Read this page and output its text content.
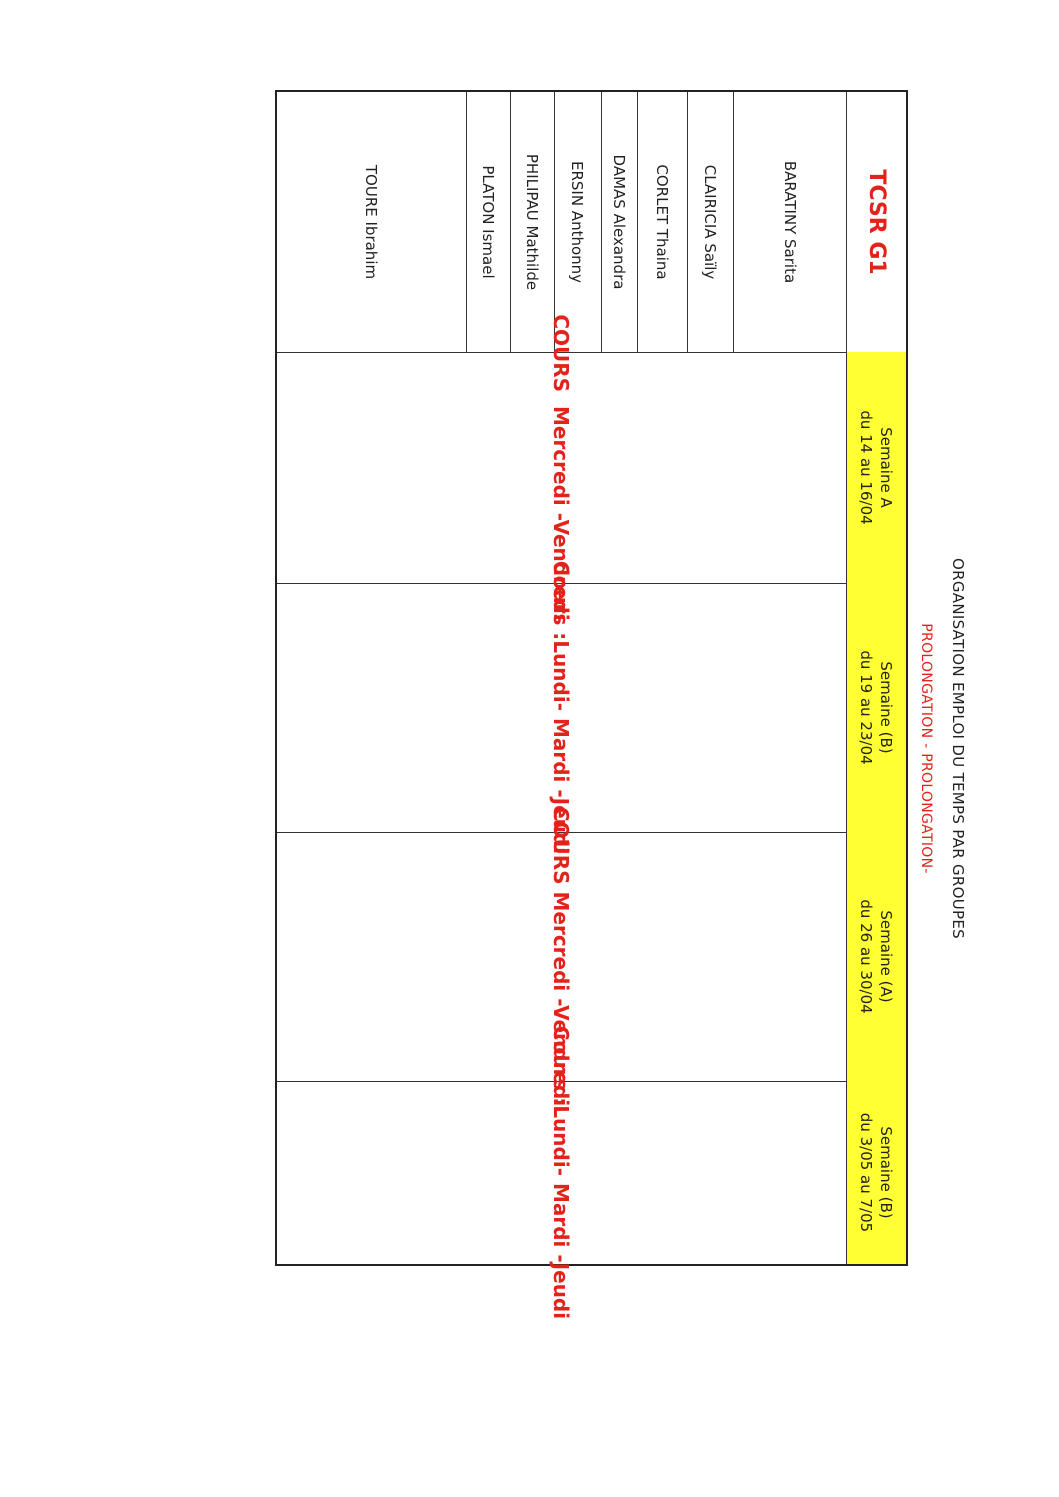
ORGANISATION EMPLOI DU TEMPS PAR GROUPES
PROLONGATION - PROLONGATION-
TCSR G1
BARATINY Sarita
CLAIRICIA Saïly
CORLET Thaina
DAMAS Alexandra
ERSIN Anthonny
PHILIPAU Mathilde
PLATON Ismael
TOURE Ibrahim
Semaine A
du 14 au 16/04
COURS  Mercredi -Vendredi
Semaine (B)
du 19 au 23/04
Cours :Lundi- Mardi -Jeudi
Semaine (A)
du 26 au 30/04
COURS Mercredi -Vendredi
Semaine (B)
du 3/05 au 7/05
Cours :Lundi- Mardi -Jeudi
